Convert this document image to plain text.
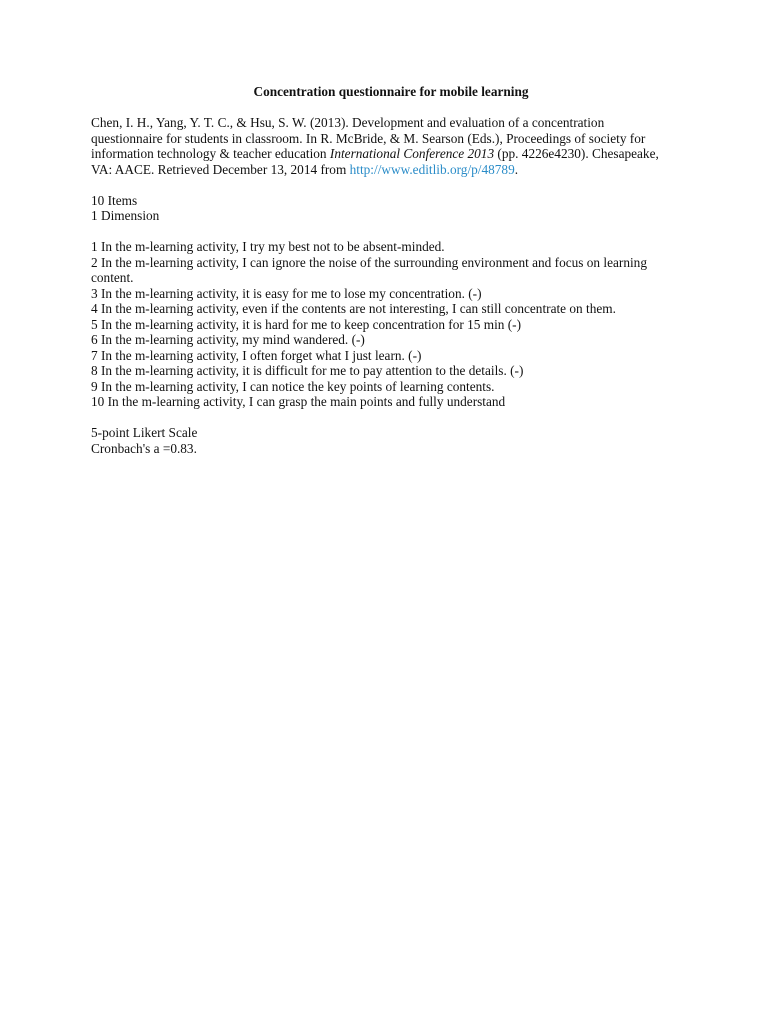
Concentration questionnaire for mobile learning

Chen, I. H., Yang, Y. T. C., & Hsu, S. W. (2013). Development and evaluation of a concentration questionnaire for students in classroom. In R. McBride, & M. Searson (Eds.), Proceedings of society for information technology & teacher education International Conference 2013 (pp. 4226e4230). Chesapeake, VA: AACE. Retrieved December 13, 2014 from http://www.editlib.org/p/48789.

10 Items

1 Dimension

1 In the m-learning activity, I try my best not to be absent-minded.

2 In the m-learning activity, I can ignore the noise of the surrounding environment and focus on learning content.

3 In the m-learning activity, it is easy for me to lose my concentration. (-)

4 In the m-learning activity, even if the contents are not interesting, I can still concentrate on them.

5 In the m-learning activity, it is hard for me to keep concentration for 15 min (-)

6 In the m-learning activity, my mind wandered. (-)

7 In the m-learning activity, I often forget what I just learn. (-)

8 In the m-learning activity, it is difficult for me to pay attention to the details. (-)

9 In the m-learning activity, I can notice the key points of learning contents.

10 In the m-learning activity, I can grasp the main points and fully understand

5-point Likert Scale

Cronbach's a =0.83.
